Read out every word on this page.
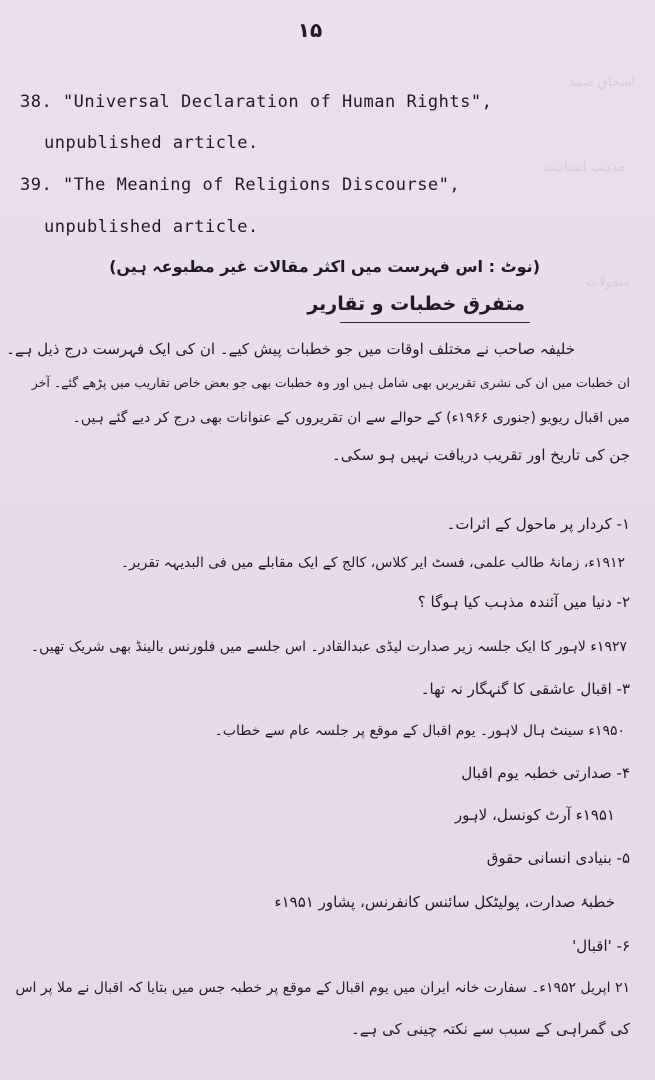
اسحاق صمد
مذہب انسانیت
منقولات
۱۵
38. "Universal Declaration of Human Rights",
unpublished article.
39. "The Meaning of Religions Discourse",
unpublished article.
(نوٹ : اس فہرست میں اکثر مقالات غیر مطبوعہ ہیں)
متفرق خطبات و تقاریر
خلیفہ صاحب نے مختلف اوقات میں جو خطبات پیش کیے۔ ان کی ایک فہرست درج ذیل ہے۔
ان خطبات میں ان کی نشری تقریریں بھی شامل ہیں اور وہ خطبات بھی جو بعض خاص تقاریب میں پڑھے گئے۔ آخر
میں اقبال ریویو (جنوری ۱۹۶۶ء) کے حوالے سے ان تقریروں کے عنوانات بھی درج کر دیے گئے ہیں۔
جن کی تاریخ اور تقریب دریافت نہیں ہو سکی۔
۱- کردار پر ماحول کے اثرات۔
۱۹۱۲ء، زمانۂ طالب علمی، فسٹ ایر کلاس، کالج کے ایک مقابلے میں فی البدیہہ تقریر۔
۲- دنیا میں آئندہ مذہب کیا ہوگا ؟
۱۹۲۷ء لاہور کا ایک جلسہ زیر صدارت لیڈی عبدالقادر۔ اس جلسے میں فلورنس بالینڈ بھی شریک تھیں۔
۳- اقبال عاشقی کا گنہگار نہ تھا۔
۱۹۵۰ء سینٹ ہال لاہور۔ یوم اقبال کے موقع پر جلسہ عام سے خطاب۔
۴- صدارتی خطبہ یوم اقبال
۱۹۵۱ء آرٹ کونسل، لاہور
۵- بنیادی انسانی حقوق
خطبۂ صدارت، پولیٹکل سائنس کانفرنس، پشاور ۱۹۵۱ء
۶- 'اقبال'
۲۱ اپریل ۱۹۵۲ء۔ سفارت خانہ ایران میں یوم اقبال کے موقع پر خطبہ جس میں بتایا کہ اقبال نے ملا پر اس
کی گمراہی کے سبب سے نکتہ چینی کی ہے۔
